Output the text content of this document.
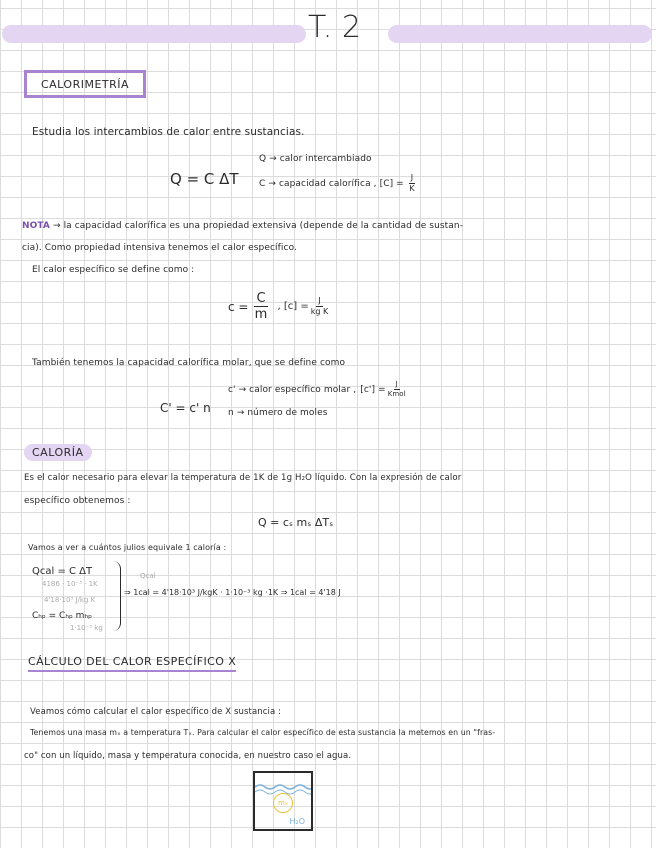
T. 2
CALORIMETRÍA
Estudia los intercambios de calor entre sustancias.
Q = C ΔT
Q → calor intercambiado
C → capacidad calorífica , $[C] = \frac{J}{K}$
NOTA → la capacidad calorífica es una propiedad extensiva (depende de la cantidad de sustan-
cia). Como propiedad intensiva tenemos el calor específico.
El calor específico se define como :
$c = \frac{C}{m}$ , $[c] = \frac{J}{\text{kg K}}$
También tenemos la capacidad calorífica molar, que se define como
C' = c' n
c' → calor específico molar , $[c'] = \frac{J}{\text{Kmol}}$
n → número de moles
CALORÍA
Es el calor necesario para elevar la temperatura de 1K de 1g H₂O líquido. Con la expresión de calor
específico obtenemos :
Q = cₛ mₛ ΔTₛ
Vamos a ver a cuántos julios equivale 1 caloría :
Qcal = C ΔT
4186 · 10⁻³ · 1K
4'18·10³ J/kg K
Cₕₚ = Cₕₚ mₕₚ
1·10⁻³ kg
Qcal
⇒ 1cal = 4'18·10³ J/kgK · 1·10⁻³ kg ·1K ⇒ 1cal = 4'18 J
CÁLCULO DEL CALOR ESPECÍFICO X
Veamos cómo calcular el calor específico de X sustancia :
Tenemos una masa mₓ a temperatura Tₓ. Para calcular el calor específico de esta sustancia la metemos en un "fras-
co" con un líquido, masa y temperatura conocida, en nuestro caso el agua.
mₓ
H₂O
